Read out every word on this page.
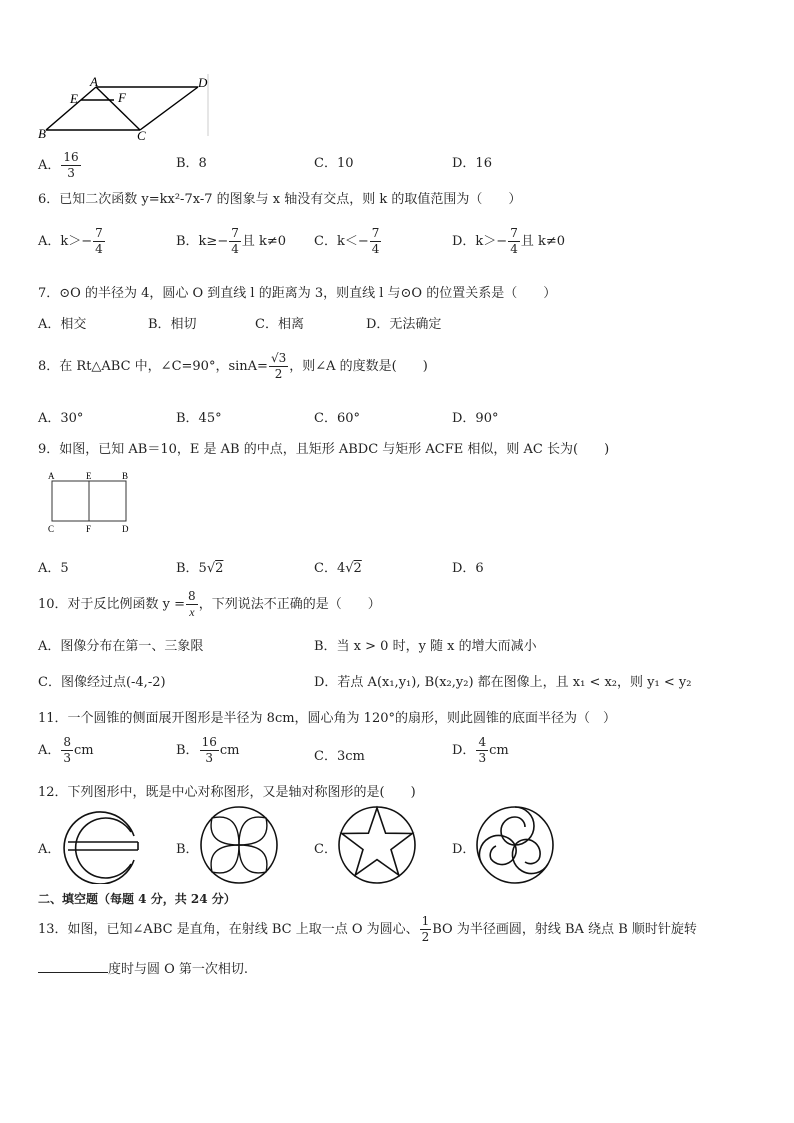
A	D
E	F
B	C
A． $\frac{16}{3}$	B．8	C．10	D．16
6．已知二次函数 y=kx²-7x-7 的图象与 x 轴没有交点，则 k 的取值范围为（　　）
A．$k>- \frac{7}{4}$	B．$k\ge- \frac{7}{4}$ 且 k≠0 C．$k<- \frac{7}{4}$	D．$k>- \frac{7}{4}$ 且 k≠0
7．⊙O 的半径为 4，圆心 O 到直线 l 的距离为 3，则直线 l 与⊙O 的位置关系是（　　）
A．相交	B．相切	C．相离	D．无法确定
8．在 Rt△ABC 中，∠C=90°，$\sin A= \frac{√3}{2}$ ，则∠A 的度数是(　　)
A．30°	B．45°	C．60°	D．90°
9．如图，已知 AB＝10，E 是 AB 的中点，且矩形 ABDC 与矩形 ACFE 相似，则 AC 长为(　　)
A	E	B
C	F	D
A．5	B．5√2	C．4√2	D．6
10．对于反比例函数 $y = \frac{8}{x}$ ，下列说法不正确的是（　　）
A．图像分布在第一、三象限	B．当 x > 0 时，y 随 x 的增大而减小
C．图像经过点(-4,-2)	D．若点 A(x₁,y₁), B(x₂,y₂) 都在图像上，且 x₁ < x₂，则 y₁ < y₂
11．一个圆锥的侧面展开图形是半径为 8cm，圆心角为 120°的扇形，则此圆锥的底面半径为（　）
A． $\frac{8}{3}$ cm	B． $\frac{16}{3}$ cm	C．3cm	D． $\frac{4}{3}$ cm
12．下列图形中，既是中心对称图形，又是轴对称图形的是(　　)
A．	B．	C．	D．
二、填空题（每题 4 分，共 24 分）
13．如图，已知∠ABC 是直角，在射线 BC 上取一点 O 为圆心、 $\frac{1}{2}$ BO 为半径画圆，射线 BA 绕点 B 顺时针旋转
度时与圆 O 第一次相切.
